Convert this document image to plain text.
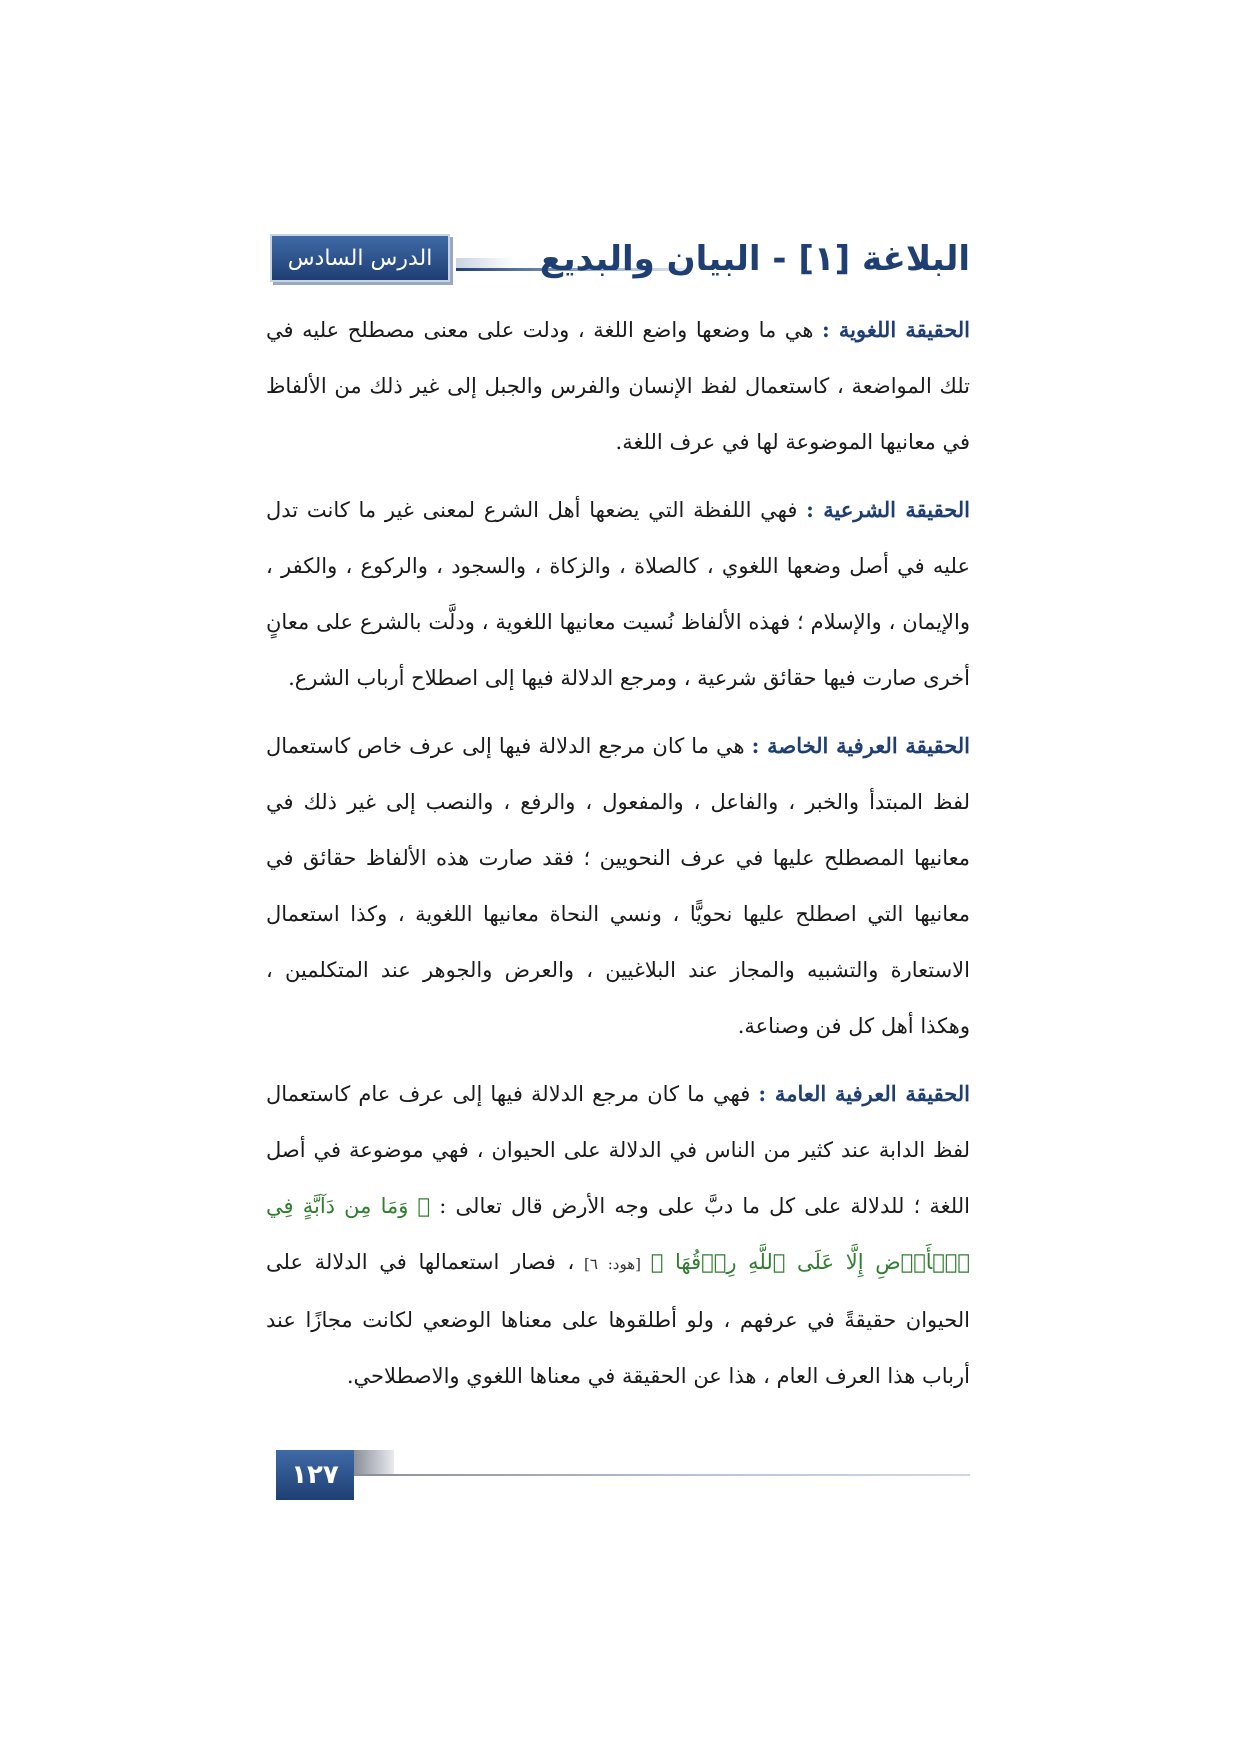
الدرس السادس	البلاغة [١] - البيان والبديع

الحقيقة اللغوية : هي ما وضعها واضع اللغة ، ودلت على معنى مصطلح عليه في تلك المواضعة ، كاستعمال لفظ الإنسان والفرس والجبل إلى غير ذلك من الألفاظ في معانيها الموضوعة لها في عرف اللغة.

الحقيقة الشرعية : فهي اللفظة التي يضعها أهل الشرع لمعنى غير ما كانت تدل عليه في أصل وضعها اللغوي ، كالصلاة ، والزكاة ، والسجود ، والركوع ، والكفر ، والإيمان ، والإسلام ؛ فهذه الألفاظ نُسيت معانيها اللغوية ، ودلَّت بالشرع على معانٍ أخرى صارت فيها حقائق شرعية ، ومرجع الدلالة فيها إلى اصطلاح أرباب الشرع.

الحقيقة العرفية الخاصة : هي ما كان مرجع الدلالة فيها إلى عرف خاص كاستعمال لفظ المبتدأ والخبر ، والفاعل ، والمفعول ، والرفع ، والنصب إلى غير ذلك في معانيها المصطلح عليها في عرف النحويين ؛ فقد صارت هذه الألفاظ حقائق في معانيها التي اصطلح عليها نحويًّا ، ونسي النحاة معانيها اللغوية ، وكذا استعمال الاستعارة والتشبيه والمجاز عند البلاغيين ، والعرض والجوهر عند المتكلمين ، وهكذا أهل كل فن وصناعة.

الحقيقة العرفية العامة : فهي ما كان مرجع الدلالة فيها إلى عرف عام كاستعمال لفظ الدابة عند كثير من الناس في الدلالة على الحيوان ، فهي موضوعة في أصل اللغة ؛ للدلالة على كل ما دبَّ على وجه الأرض قال تعالى : ﴿ وَمَا مِن دَآبَّةٍ فِي ٱلۡأَرۡضِ إِلَّا عَلَى ٱللَّهِ رِزۡقُهَا ﴾ [هود: ٦] ، فصار استعمالها في الدلالة على الحيوان حقيقةً في عرفهم ، ولو أطلقوها على معناها الوضعي لكانت مجازًا عند أرباب هذا العرف العام ، هذا عن الحقيقة في معناها اللغوي والاصطلاحي.

١٢٧
